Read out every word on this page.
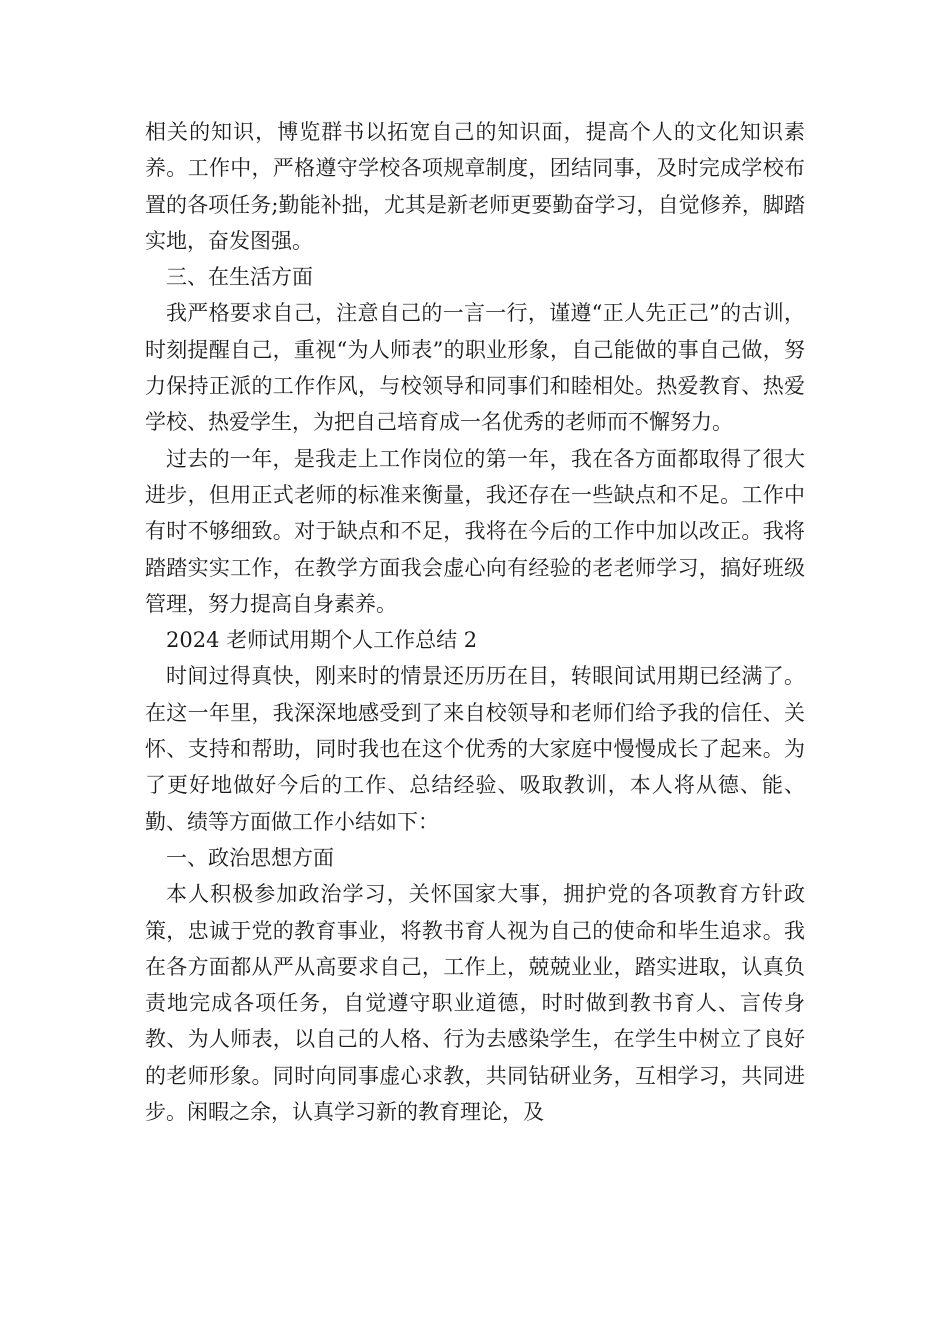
相关的知识，博览群书以拓宽自己的知识面，提高个人的文化知识素养。工作中，严格遵守学校各项规章制度，团结同事，及时完成学校布置的各项任务;勤能补拙，尤其是新老师更要勤奋学习，自觉修养，脚踏实地，奋发图强。

三、在生活方面

我严格要求自己，注意自己的一言一行，谨遵“正人先正己”的古训，时刻提醒自己，重视“为人师表”的职业形象，自己能做的事自己做，努力保持正派的工作作风，与校领导和同事们和睦相处。热爱教育、热爱学校、热爱学生，为把自己培育成一名优秀的老师而不懈努力。

过去的一年，是我走上工作岗位的第一年，我在各方面都取得了很大进步，但用正式老师的标准来衡量，我还存在一些缺点和不足。工作中有时不够细致。对于缺点和不足，我将在今后的工作中加以改正。我将踏踏实实工作，在教学方面我会虚心向有经验的老老师学习，搞好班级管理，努力提高自身素养。

2024 老师试用期个人工作总结 2

时间过得真快，刚来时的情景还历历在目，转眼间试用期已经满了。在这一年里，我深深地感受到了来自校领导和老师们给予我的信任、关怀、支持和帮助，同时我也在这个优秀的大家庭中慢慢成长了起来。为了更好地做好今后的工作、总结经验、吸取教训，本人将从德、能、勤、绩等方面做工作小结如下：

一、政治思想方面

本人积极参加政治学习，关怀国家大事，拥护党的各项教育方针政策，忠诚于党的教育事业，将教书育人视为自己的使命和毕生追求。我在各方面都从严从高要求自己，工作上，兢兢业业，踏实进取，认真负责地完成各项任务，自觉遵守职业道德，时时做到教书育人、言传身教、为人师表，以自己的人格、行为去感染学生，在学生中树立了良好的老师形象。同时向同事虚心求教，共同钻研业务，互相学习，共同进步。闲暇之余，认真学习新的教育理论，及
